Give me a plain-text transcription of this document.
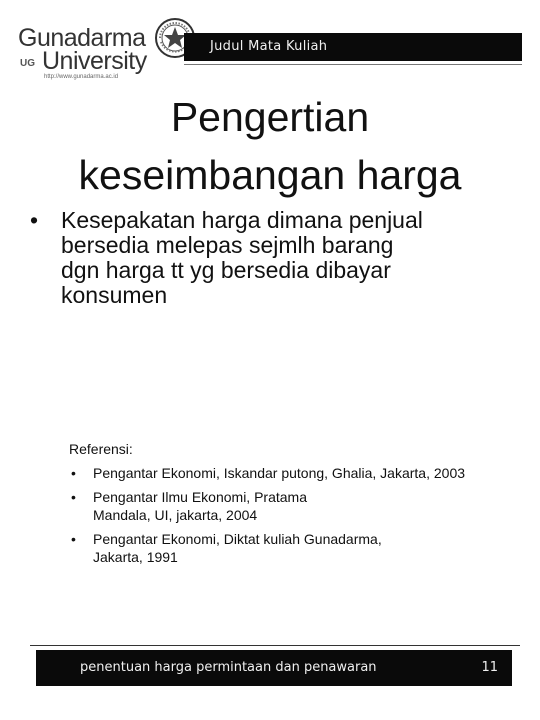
Gunadarma
UG University
http://www.gunadarma.ac.id
Judul Mata Kuliah
Pengertian
keseimbangan harga
• Kesepakatan harga dimana penjual
bersedia melepas sejmlh barang
dgn harga tt yg bersedia dibayar
konsumen
Referensi:
• Pengantar Ekonomi, Iskandar putong, Ghalia, Jakarta, 2003
• Pengantar Ilmu Ekonomi, Pratama
Mandala, UI, jakarta, 2004
• Pengantar Ekonomi, Diktat kuliah Gunadarma,
Jakarta, 1991
penentuan harga permintaan dan penawaran	11
